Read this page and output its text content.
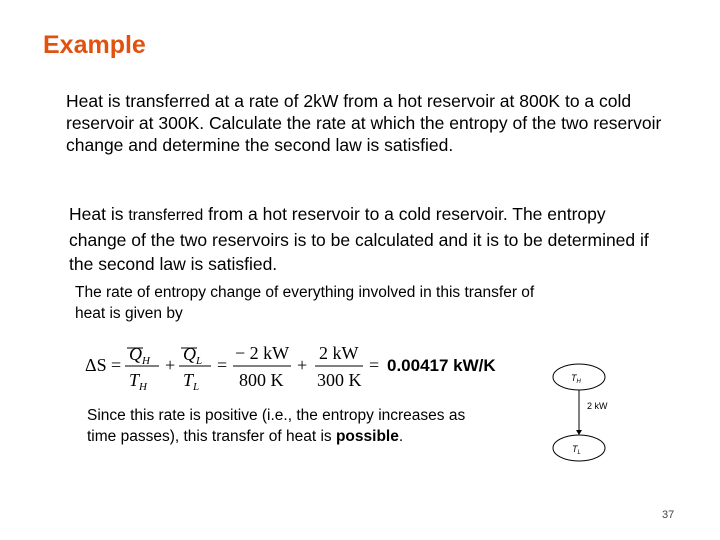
Example
Heat is transferred at a rate of 2kW from a hot reservoir at 800K to a cold reservoir at 300K. Calculate the rate at which the entropy of the two reservoir change and determine the second law is satisfied.
Heat is transferred from a hot reservoir to a cold reservoir. The entropy change of the two reservoirs is to be calculated and it is to be determined if the second law is satisfied.
The rate of entropy change of everything involved in this transfer of heat is given by
ΔS =
$Q_H$
$T_H$
+
$Q_L$
$T_L$
=
− 2 kW
800 K
+
2 kW
300 K
= 0.00417 kW/K
Since this rate is positive (i.e., the entropy increases as time passes), this transfer of heat is possible.
$T_H$
2 kW
$T_L$
37
